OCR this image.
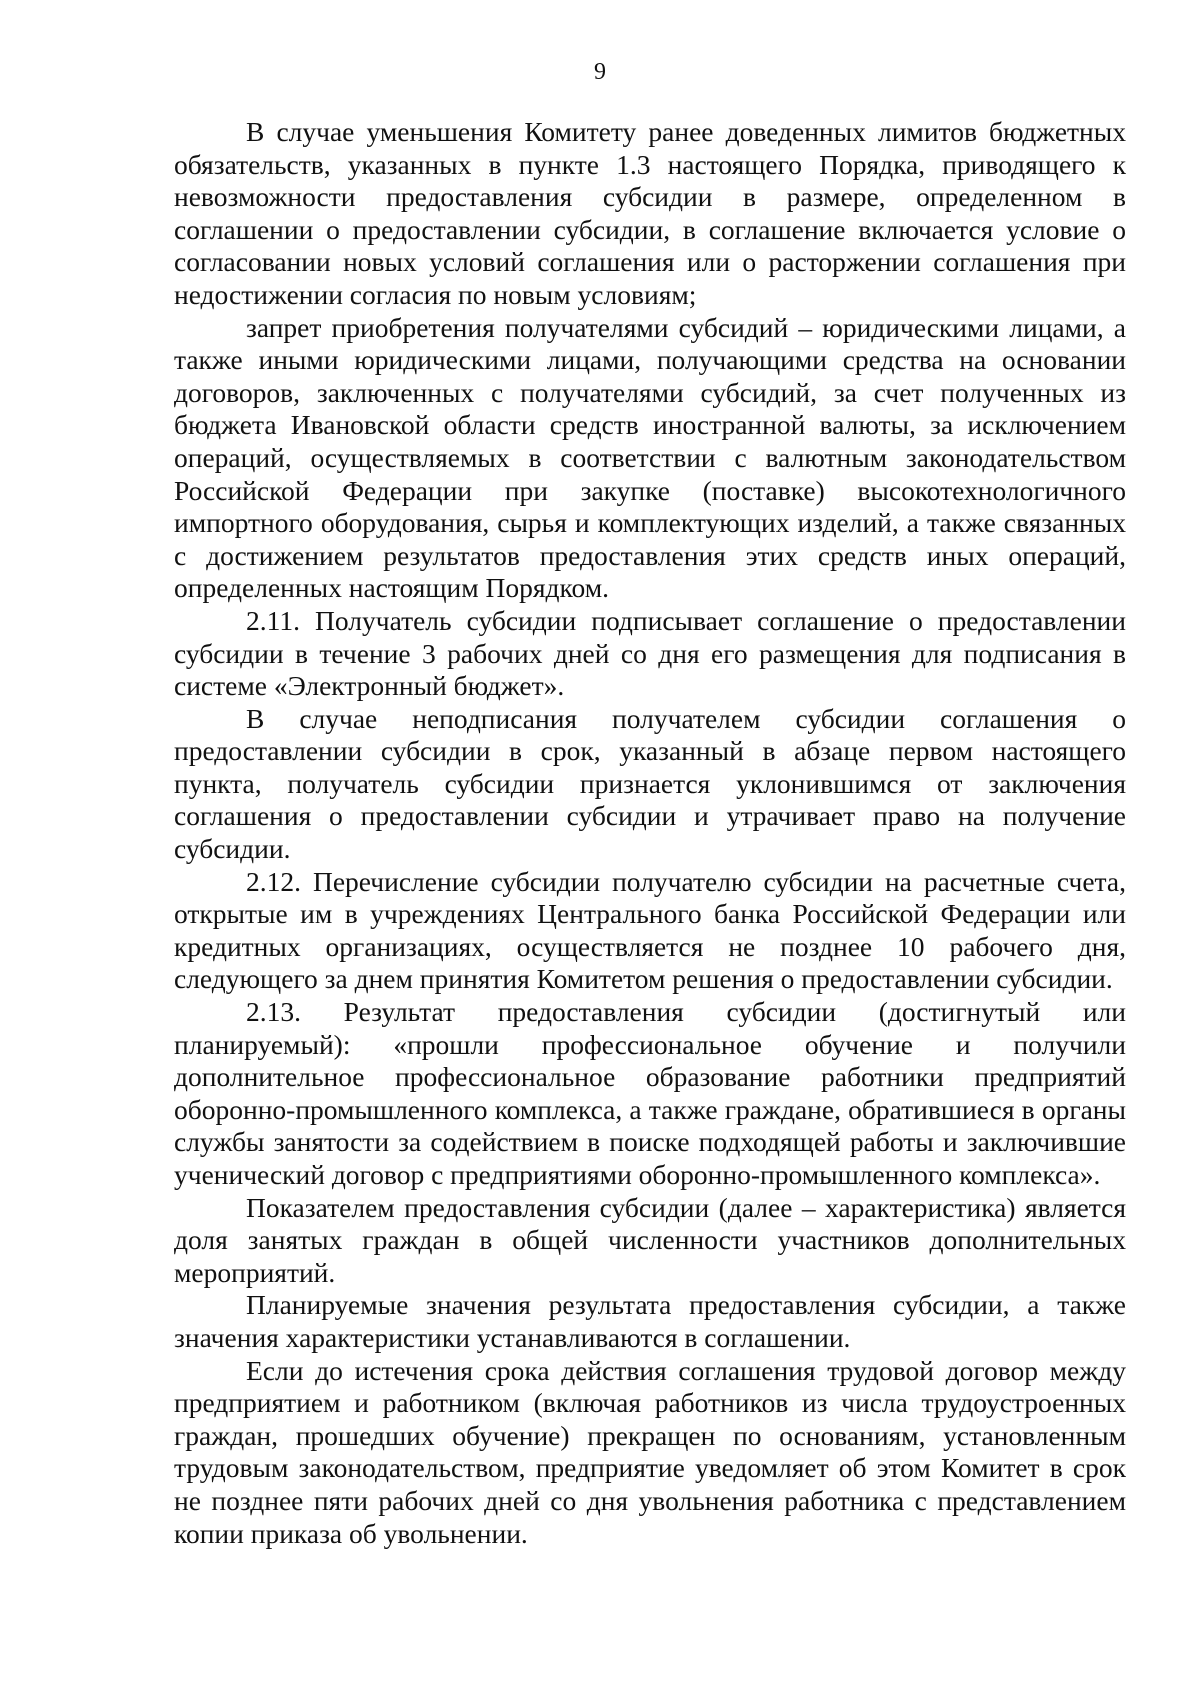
9

В случае уменьшения Комитету ранее доведенных лимитов бюджетных обязательств, указанных в пункте 1.3 настоящего Порядка, приводящего к невозможности предоставления субсидии в размере, определенном в соглашении о предоставлении субсидии, в соглашение включается условие о согласовании новых условий соглашения или о расторжении соглашения при недостижении согласия по новым условиям;

запрет приобретения получателями субсидий – юридическими лицами, а также иными юридическими лицами, получающими средства на основании договоров, заключенных с получателями субсидий, за счет полученных из бюджета Ивановской области средств иностранной валюты, за исключением операций, осуществляемых в соответствии с валютным законодательством Российской Федерации при закупке (поставке) высокотехнологичного импортного оборудования, сырья и комплектующих изделий, а также связанных с достижением результатов предоставления этих средств иных операций, определенных настоящим Порядком.

2.11. Получатель субсидии подписывает соглашение о предоставлении субсидии в течение 3 рабочих дней со дня его размещения для подписания в системе «Электронный бюджет».

В случае неподписания получателем субсидии соглашения о предоставлении субсидии в срок, указанный в абзаце первом настоящего пункта, получатель субсидии признается уклонившимся от заключения соглашения о предоставлении субсидии и утрачивает право на получение субсидии.

2.12. Перечисление субсидии получателю субсидии на расчетные счета, открытые им в учреждениях Центрального банка Российской Федерации или кредитных организациях, осуществляется не позднее 10 рабочего дня, следующего за днем принятия Комитетом решения о предоставлении субсидии.

2.13. Результат предоставления субсидии (достигнутый или планируемый): «прошли профессиональное обучение и получили дополнительное профессиональное образование работники предприятий оборонно-промышленного комплекса, а также граждане, обратившиеся в органы службы занятости за содействием в поиске подходящей работы и заключившие ученический договор с предприятиями оборонно-промышленного комплекса».

Показателем предоставления субсидии (далее – характеристика) является доля занятых граждан в общей численности участников дополнительных мероприятий.

Планируемые значения результата предоставления субсидии, а также значения характеристики устанавливаются в соглашении.

Если до истечения срока действия соглашения трудовой договор между предприятием и работником (включая работников из числа трудоустроенных граждан, прошедших обучение) прекращен по основаниям, установленным трудовым законодательством, предприятие уведомляет об этом Комитет в срок не позднее пяти рабочих дней со дня увольнения работника с представлением копии приказа об увольнении.
